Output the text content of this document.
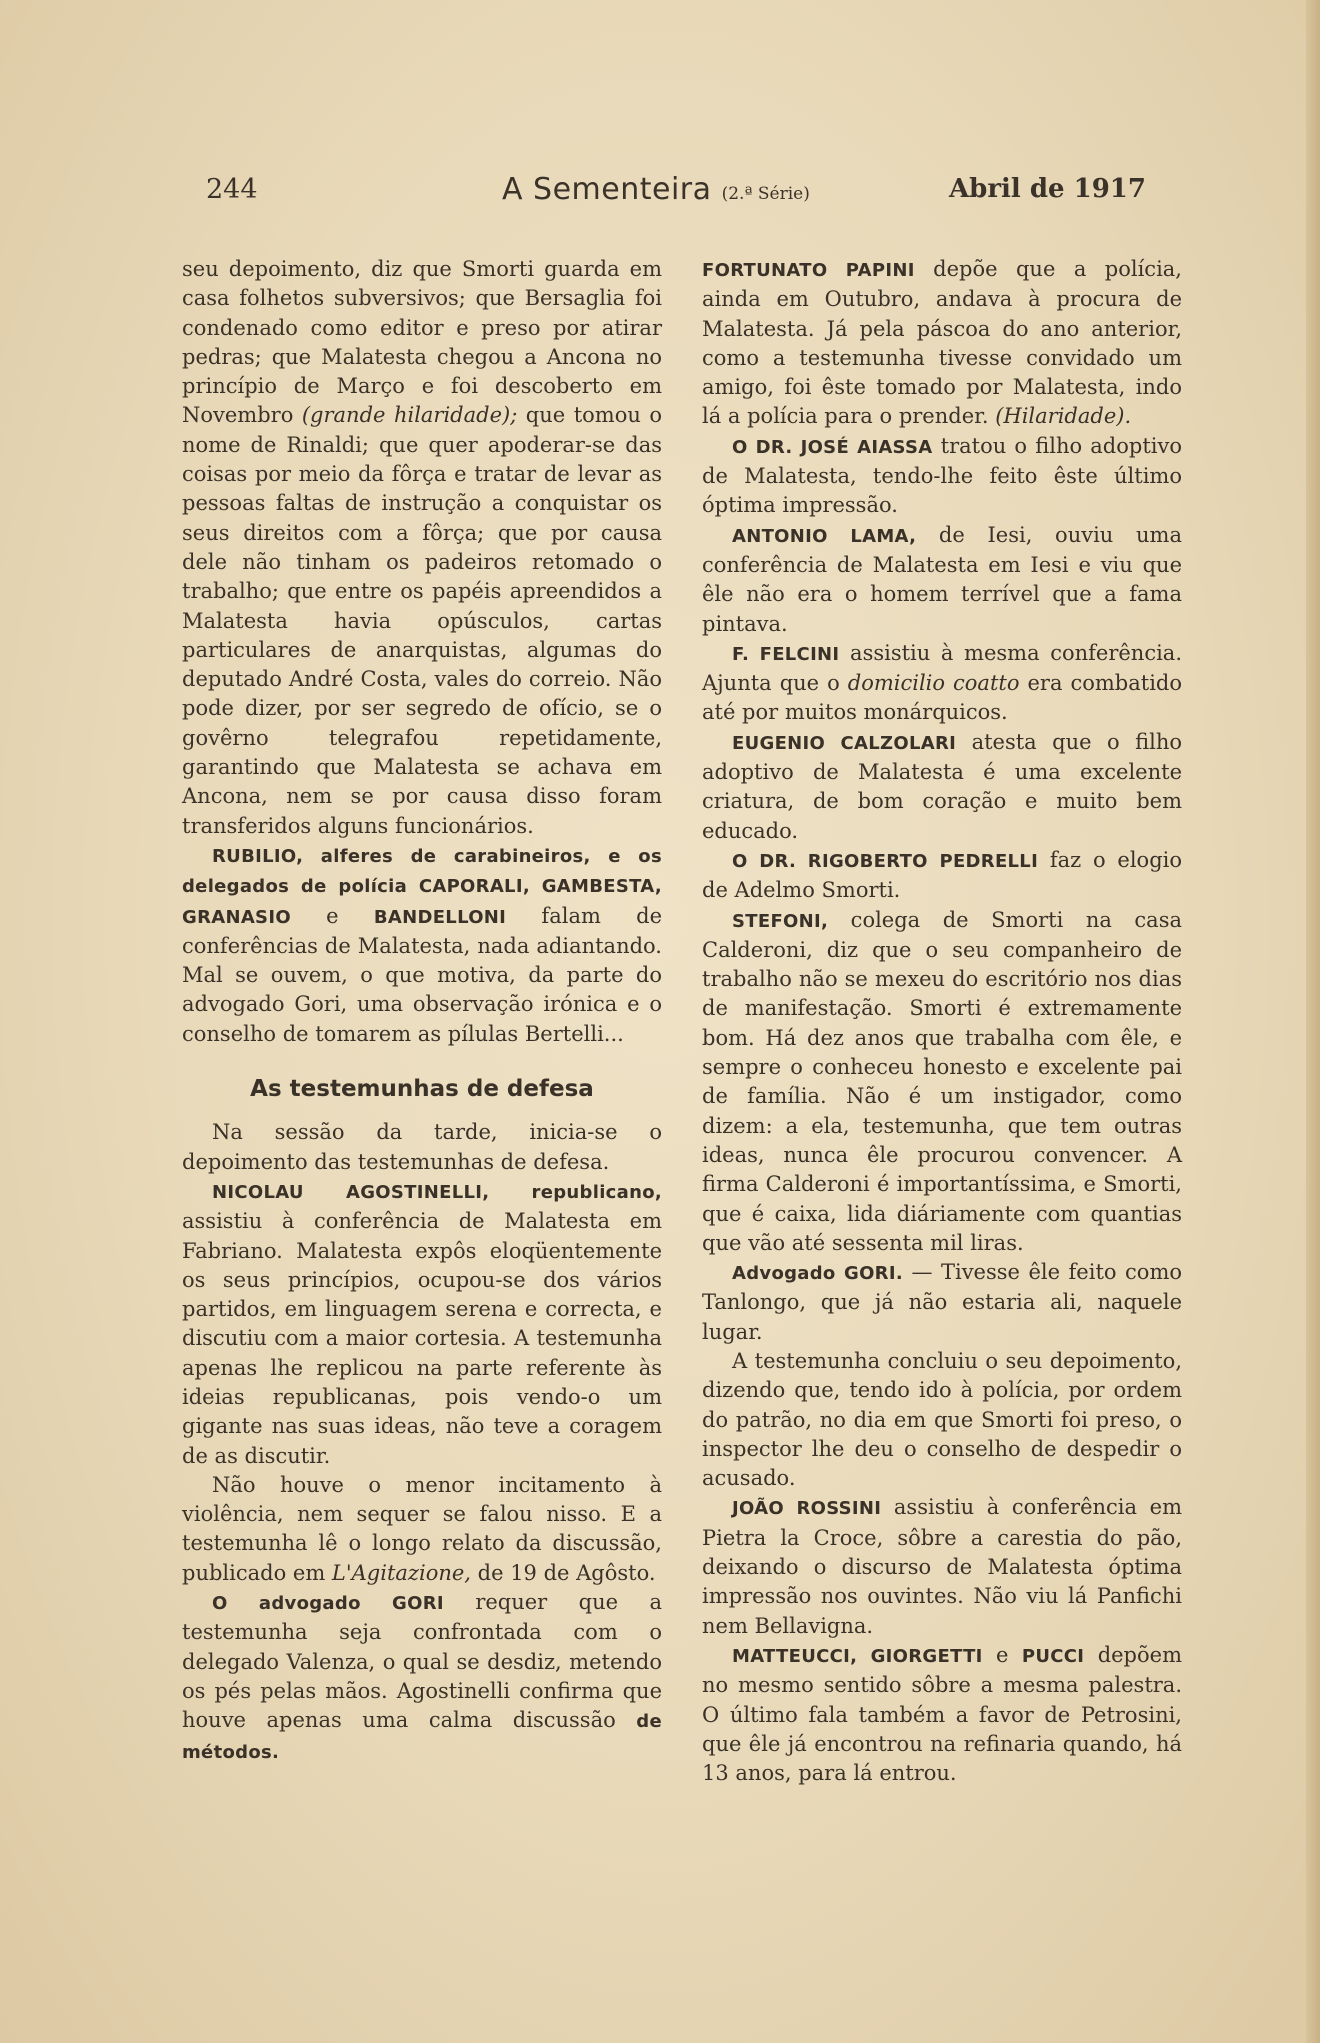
244	A Sementeira (2.ª Série)	Abril de 1917

seu depoimento, diz que Smorti guarda em casa folhetos subversivos; que Bersaglia foi condenado como editor e preso por atirar pedras; que Malatesta chegou a Ancona no princípio de Março e foi descoberto em Novembro (grande hilaridade); que tomou o nome de Rinaldi; que quer apoderar-se das coisas por meio da fôrça e tratar de levar as pessoas faltas de instrução a conquistar os seus direitos com a fôrça; que por causa dele não tinham os padeiros retomado o trabalho; que entre os papéis apreendidos a Malatesta havia opúsculos, cartas particulares de anarquistas, algumas do deputado André Costa, vales do correio. Não pode dizer, por ser segredo de ofício, se o govêrno telegrafou repetidamente, garantindo que Malatesta se achava em Ancona, nem se por causa disso foram transferidos alguns funcionários.

RUBILIO, alferes de carabineiros, e os delegados de polícia CAPORALI, GAMBESTA, GRANASIO e BANDELLONI falam de conferências de Malatesta, nada adiantando. Mal se ouvem, o que motiva, da parte do advogado Gori, uma observação irónica e o conselho de tomarem as pílulas Bertelli...

As testemunhas de defesa

Na sessão da tarde, inicia-se o depoimento das testemunhas de defesa.

NICOLAU AGOSTINELLI, republicano, assistiu à conferência de Malatesta em Fabriano. Malatesta expôs eloqüentemente os seus princípios, ocupou-se dos vários partidos, em linguagem serena e correcta, e discutiu com a maior cortesia. A testemunha apenas lhe replicou na parte referente às ideias republicanas, pois vendo-o um gigante nas suas ideas, não teve a coragem de as discutir.

Não houve o menor incitamento à violência, nem sequer se falou nisso. E a testemunha lê o longo relato da discussão, publicado em L'Agitazione, de 19 de Agôsto.

O advogado GORI requer que a testemunha seja confrontada com o delegado Valenza, o qual se desdiz, metendo os pés pelas mãos. Agostinelli confirma que houve apenas uma calma discussão de métodos.

FORTUNATO PAPINI depõe que a polícia, ainda em Outubro, andava à procura de Malatesta. Já pela páscoa do ano anterior, como a testemunha tivesse convidado um amigo, foi êste tomado por Malatesta, indo lá a polícia para o prender. (Hilaridade).

O DR. JOSÉ AIASSA tratou o filho adoptivo de Malatesta, tendo-lhe feito êste último óptima impressão.

ANTONIO LAMA, de Iesi, ouviu uma conferência de Malatesta em Iesi e viu que êle não era o homem terrível que a fama pintava.

F. FELCINI assistiu à mesma conferência. Ajunta que o domicilio coatto era combatido até por muitos monárquicos.

EUGENIO CALZOLARI atesta que o filho adoptivo de Malatesta é uma excelente criatura, de bom coração e muito bem educado.

O DR. RIGOBERTO PEDRELLI faz o elogio de Adelmo Smorti.

STEFONI, colega de Smorti na casa Calderoni, diz que o seu companheiro de trabalho não se mexeu do escritório nos dias de manifestação. Smorti é extremamente bom. Há dez anos que trabalha com êle, e sempre o conheceu honesto e excelente pai de família. Não é um instigador, como dizem: a ela, testemunha, que tem outras ideas, nunca êle procurou convencer. A firma Calderoni é importantíssima, e Smorti, que é caixa, lida diáriamente com quantias que vão até sessenta mil liras.

Advogado GORI. — Tivesse êle feito como Tanlongo, que já não estaria ali, naquele lugar.

A testemunha concluiu o seu depoimento, dizendo que, tendo ido à polícia, por ordem do patrão, no dia em que Smorti foi preso, o inspector lhe deu o conselho de despedir o acusado.

JOÃO ROSSINI assistiu à conferência em Pietra la Croce, sôbre a carestia do pão, deixando o discurso de Malatesta óptima impressão nos ouvintes. Não viu lá Panfichi nem Bellavigna.

MATTEUCCI, GIORGETTI e PUCCI depõem no mesmo sentido sôbre a mesma palestra. O último fala também a favor de Petrosini, que êle já encontrou na refinaria quando, há 13 anos, para lá entrou.
